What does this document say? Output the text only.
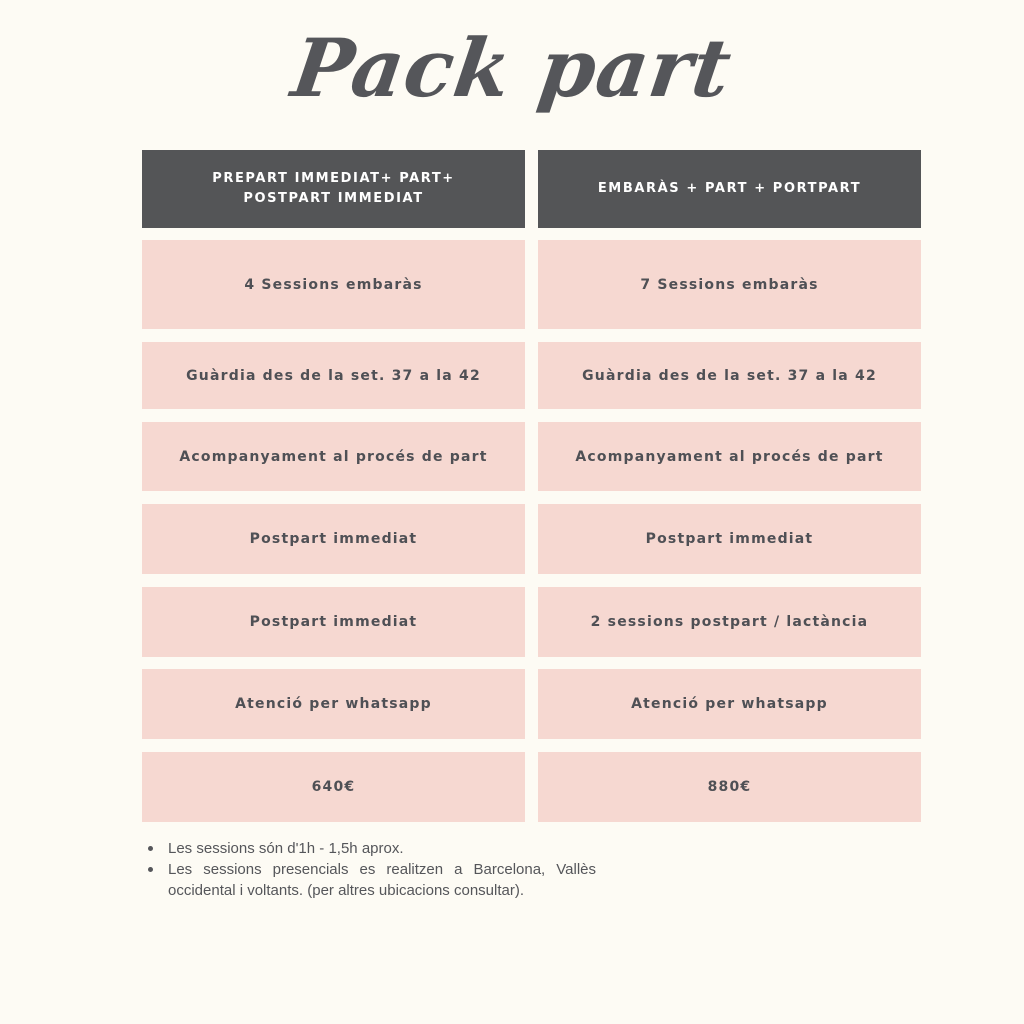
Pack part
PREPART IMMEDIAT+ PART+ POSTPART IMMEDIAT
4 Sessions embaràs
Guàrdia des de la set. 37 a la 42
Acompanyament al procés de part
Postpart immediat
Postpart immediat
Atenció per whatsapp
640€
EMBARÀS + PART + PORTPART
7 Sessions embaràs
Guàrdia des de la set. 37 a la 42
Acompanyament al procés de part
Postpart immediat
2 sessions postpart / lactància
Atenció per whatsapp
880€
Les sessions són d'1h - 1,5h aprox.
Les sessions presencials es realitzen a Barcelona, Vallès occidental i voltants. (per altres ubicacions consultar).
